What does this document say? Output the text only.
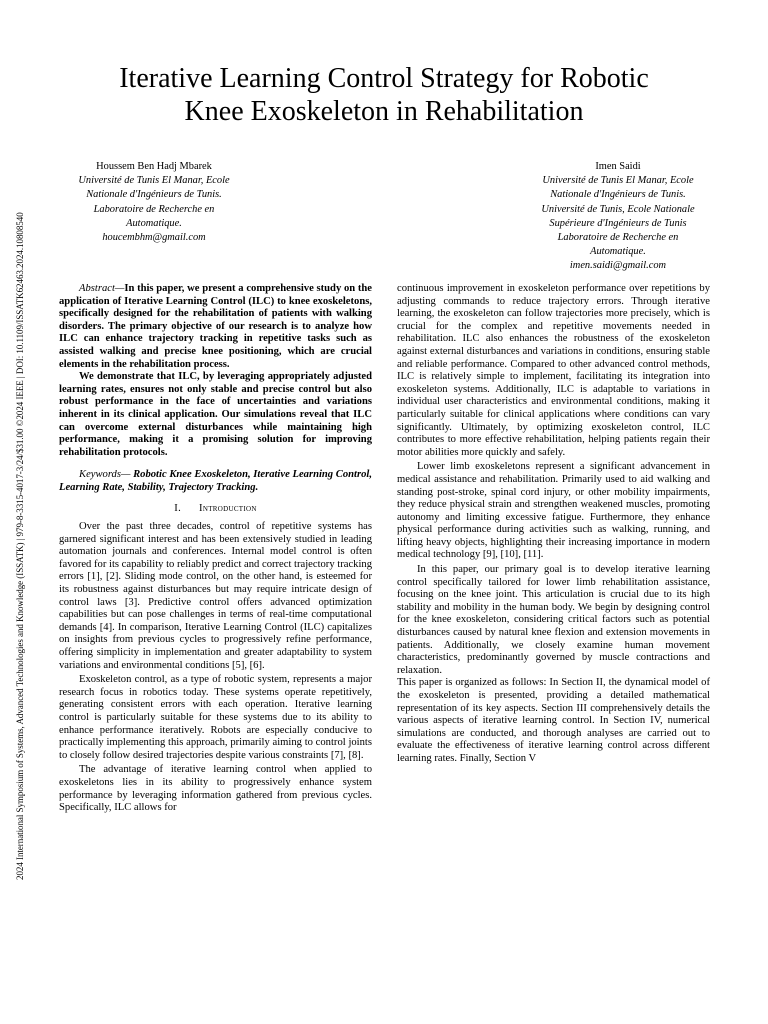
2024 International Symposium of Systems, Advanced Technologies and Knowledge (ISSATK) | 979-8-3315-4017-3/24/$31.00 ©2024 IEEE | DOI: 10.1109/ISSATK62463.2024.10808540
Iterative Learning Control Strategy for Robotic
Knee Exoskeleton in Rehabilitation
Houssem Ben Hadj Mbarek
Université de Tunis El Manar, Ecole
Nationale d'Ingénieurs de Tunis.
Laboratoire de Recherche en
Automatique.
houcembhm@gmail.com
Imen Saidi
Université de Tunis El Manar, Ecole
Nationale d'Ingénieurs de Tunis.
Université de Tunis, Ecole Nationale
Supérieure d'Ingénieurs de Tunis
Laboratoire de Recherche en
Automatique.
imen.saidi@gmail.com

Abstract—In this paper, we present a comprehensive study on the application of Iterative Learning Control (ILC) to knee exoskeletons, specifically designed for the rehabilitation of patients with walking disorders. The primary objective of our research is to analyze how ILC can enhance trajectory tracking in repetitive tasks such as assisted walking and precise knee positioning, which are crucial elements in the rehabilitation process.

We demonstrate that ILC, by leveraging appropriately adjusted learning rates, ensures not only stable and precise control but also robust performance in the face of uncertainties and variations inherent in its clinical application. Our simulations reveal that ILC can overcome external disturbances while maintaining high performance, making it a promising solution for improving rehabilitation protocols.

Keywords— Robotic Knee Exoskeleton, Iterative Learning Control, Learning Rate, Stability, Trajectory Tracking.

I. Introduction

Over the past three decades, control of repetitive systems has garnered significant interest and has been extensively studied in leading automation journals and conferences. Internal model control is often favored for its capability to reliably predict and correct trajectory tracking errors [1], [2]. Sliding mode control, on the other hand, is esteemed for its robustness against disturbances but may require intricate design of control laws [3]. Predictive control offers advanced optimization capabilities but can pose challenges in terms of real-time computational demands [4]. In comparison, Iterative Learning Control (ILC) capitalizes on insights from previous cycles to progressively refine performance, offering simplicity in implementation and greater adaptability to system variations and environmental conditions [5], [6].

Exoskeleton control, as a type of robotic system, represents a major research focus in robotics today. These systems operate repetitively, generating consistent errors with each operation. Iterative learning control is particularly suitable for these systems due to its ability to enhance performance iteratively. Robots are especially conducive to practically implementing this approach, primarily aiming to control joints to closely follow desired trajectories despite various constraints [7], [8].

The advantage of iterative learning control when applied to exoskeletons lies in its ability to progressively enhance system performance by leveraging information gathered from previous cycles. Specifically, ILC allows for

continuous improvement in exoskeleton performance over repetitions by adjusting commands to reduce trajectory errors. Through iterative learning, the exoskeleton can follow trajectories more precisely, which is crucial for the complex and repetitive movements needed in rehabilitation. ILC also enhances the robustness of the exoskeleton against external disturbances and variations in conditions, ensuring stable and reliable performance. Compared to other advanced control methods, ILC is relatively simple to implement, facilitating its integration into exoskeleton systems. Additionally, ILC is adaptable to variations in individual user characteristics and environmental conditions, making it particularly suitable for clinical applications where conditions can vary significantly. Ultimately, by optimizing exoskeleton control, ILC contributes to more effective rehabilitation, helping patients regain their motor abilities more quickly and safely.

Lower limb exoskeletons represent a significant advancement in medical assistance and rehabilitation. Primarily used to aid walking and standing post-stroke, spinal cord injury, or other mobility impairments, they reduce physical strain and strengthen weakened muscles, promoting autonomy and limiting excessive fatigue. Furthermore, they enhance physical performance during activities such as walking, running, and lifting heavy objects, highlighting their increasing importance in modern medical technology [9], [10], [11].

In this paper, our primary goal is to develop iterative learning control specifically tailored for lower limb rehabilitation assistance, focusing on the knee joint. This articulation is crucial due to its high stability and mobility in the human body. We begin by designing control for the knee exoskeleton, considering critical factors such as potential disturbances caused by natural knee flexion and extension movements in patients. Additionally, we closely examine human movement characteristics, predominantly governed by muscle contractions and relaxation.

This paper is organized as follows: In Section II, the dynamical model of the exoskeleton is presented, providing a detailed mathematical representation of its key aspects. Section III comprehensively details the various aspects of iterative learning control. In Section IV, numerical simulations are conducted, and thorough analyses are carried out to evaluate the effectiveness of iterative learning control across different learning rates. Finally, Section V
